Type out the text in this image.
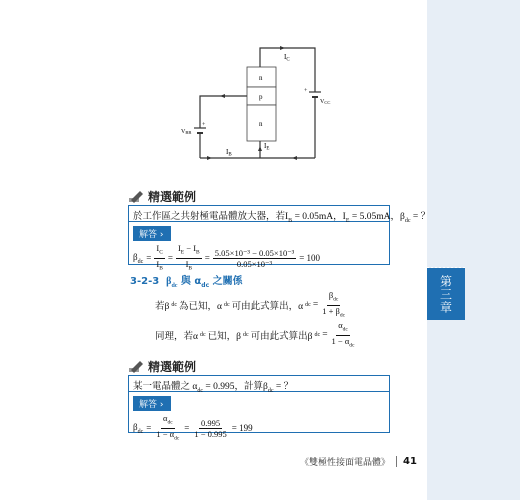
第三章
n
p
n
$I_C$
+
VCC
$I_E$
$I_B$
+
VBB
精選範例
於工作區之共射極電晶體放大器，若$I_B = 0.05mA$，$I_E = 5.05mA$，$\beta_{dc}$ = ？
解答 ›
$\beta_{dc} = \frac{I_C}{I_B} = \frac{I_E - I_B}{I_B} = \frac{\text{5.05×10⁻³ − 0.05×10⁻³}}{\text{0.05×10⁻³}} = 100$
3-2-3 $\beta_{dc}$ 與 $\alpha_{dc}$ 之關係
若β dc 為已知，α dc 可由此式算出，α dc = $\frac{\beta_{dc}}{1 + \beta_{dc}}$
同理，若α dc 已知，β dc 可由此式算出β dc = $\frac{\alpha_{dc}}{1 - \alpha_{dc}}$
精選範例
某一電晶體之 $\alpha_{dc} = 0.995$，計算$\beta_{dc}$ = ？
解答 ›
$\beta_{dc} = \frac{\alpha_{dc}}{1 - \alpha_{dc}} = \frac{0.995}{1 - 0.995} = 199$
《雙極性接面電晶體》 41
